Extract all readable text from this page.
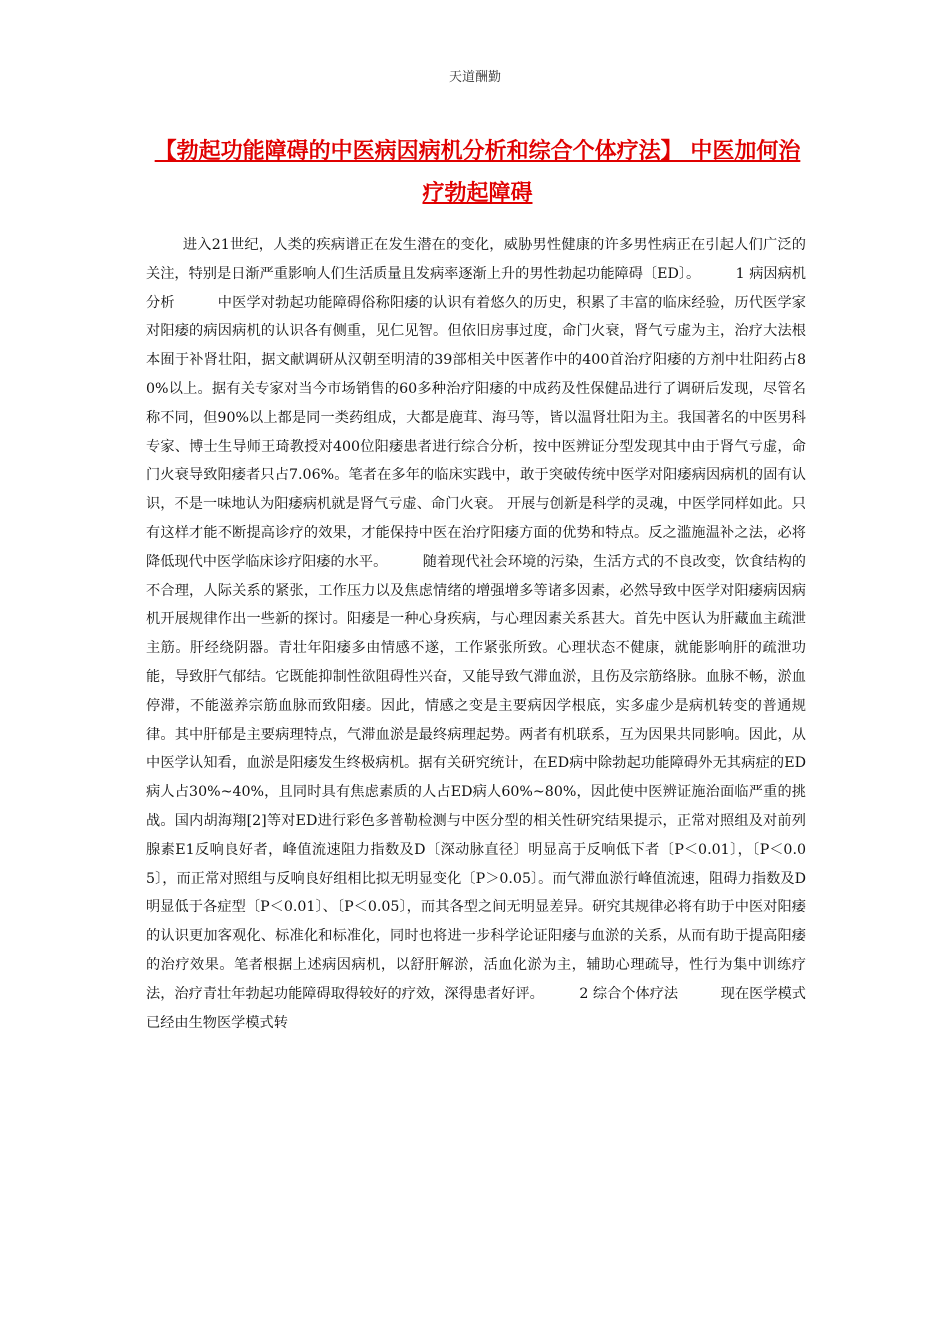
天道酬勤
【勃起功能障碍的中医病因病机分析和综合个体疗法】 中医加何治疗勃起障碍
进入21世纪，人类的疾病谱正在发生潜在的变化，威胁男性健康的许多男性病正在引起人们广泛的关注，特别是日渐严重影响人们生活质量且发病率逐渐上升的男性勃起功能障碍〔ED〕。　　　1 病因病机分析　　　中医学对勃起功能障碍俗称阳痿的认识有着悠久的历史，积累了丰富的临床经验，历代医学家对阳痿的病因病机的认识各有侧重，见仁见智。但依旧房事过度，命门火衰，肾气亏虚为主，治疗大法根本囿于补肾壮阳，据文献调研从汉朝至明清的39部相关中医著作中的400首治疗阳痿的方剂中壮阳药占80%以上。据有关专家对当今市场销售的60多种治疗阳痿的中成药及性保健品进行了调研后发现，尽管名称不同，但90%以上都是同一类药组成，大都是鹿茸、海马等，皆以温肾壮阳为主。我国著名的中医男科专家、博士生导师王琦教授对400位阳痿患者进行综合分析，按中医辨证分型发现其中由于肾气亏虚，命门火衰导致阳痿者只占7.06%。笔者在多年的临床实践中，敢于突破传统中医学对阳痿病因病机的固有认识，不是一味地认为阳痿病机就是肾气亏虚、命门火衰。 开展与创新是科学的灵魂，中医学同样如此。只有这样才能不断提高诊疗的效果，才能保持中医在治疗阳痿方面的优势和特点。反之滥施温补之法，必将降低现代中医学临床诊疗阳痿的水平。　　　随着现代社会环境的污染，生活方式的不良改变，饮食结构的不合理，人际关系的紧张，工作压力以及焦虑情绪的增强增多等诸多因素，必然导致中医学对阳痿病因病机开展规律作出一些新的探讨。阳痿是一种心身疾病，与心理因素关系甚大。首先中医认为肝藏血主疏泄主筋。肝经绕阴器。青壮年阳痿多由情感不遂，工作紧张所致。心理状态不健康，就能影响肝的疏泄功能，导致肝气郁结。它既能抑制性欲阻碍性兴奋，又能导致气滞血淤，且伤及宗筋络脉。血脉不畅，淤血停滞，不能滋养宗筋血脉而致阳痿。因此，情感之变是主要病因学根底，实多虚少是病机转变的普通规律。其中肝郁是主要病理特点，气滞血淤是最终病理起势。两者有机联系，互为因果共同影响。因此，从中医学认知看，血淤是阳痿发生终极病机。据有关研究统计，在ED病中除勃起功能障碍外无其病症的ED病人占30%~40%，且同时具有焦虑素质的人占ED病人60%~80%，因此使中医辨证施治面临严重的挑战。国内胡海翔[2]等对ED进行彩色多普勒检测与中医分型的相关性研究结果提示，正常对照组及对前列腺素E1反响良好者，峰值流速阻力指数及D〔深动脉直径〕明显高于反响低下者〔P＜0.01〕，〔P＜0.05〕，而正常对照组与反响良好组相比拟无明显变化〔P＞0.05〕。而气滞血淤行峰值流速，阻碍力指数及D明显低于各症型〔P＜0.01〕、〔P＜0.05〕，而其各型之间无明显差异。研究其规律必将有助于中医对阳痿的认识更加客观化、标准化和标准化，同时也将进一步科学论证阳痿与血淤的关系，从而有助于提高阳痿的治疗效果。笔者根据上述病因病机，以舒肝解淤，活血化淤为主，辅助心理疏导，性行为集中训练疗法，治疗青壮年勃起功能障碍取得较好的疗效，深得患者好评。　　　2 综合个体疗法　　　现在医学模式已经由生物医学模式转
